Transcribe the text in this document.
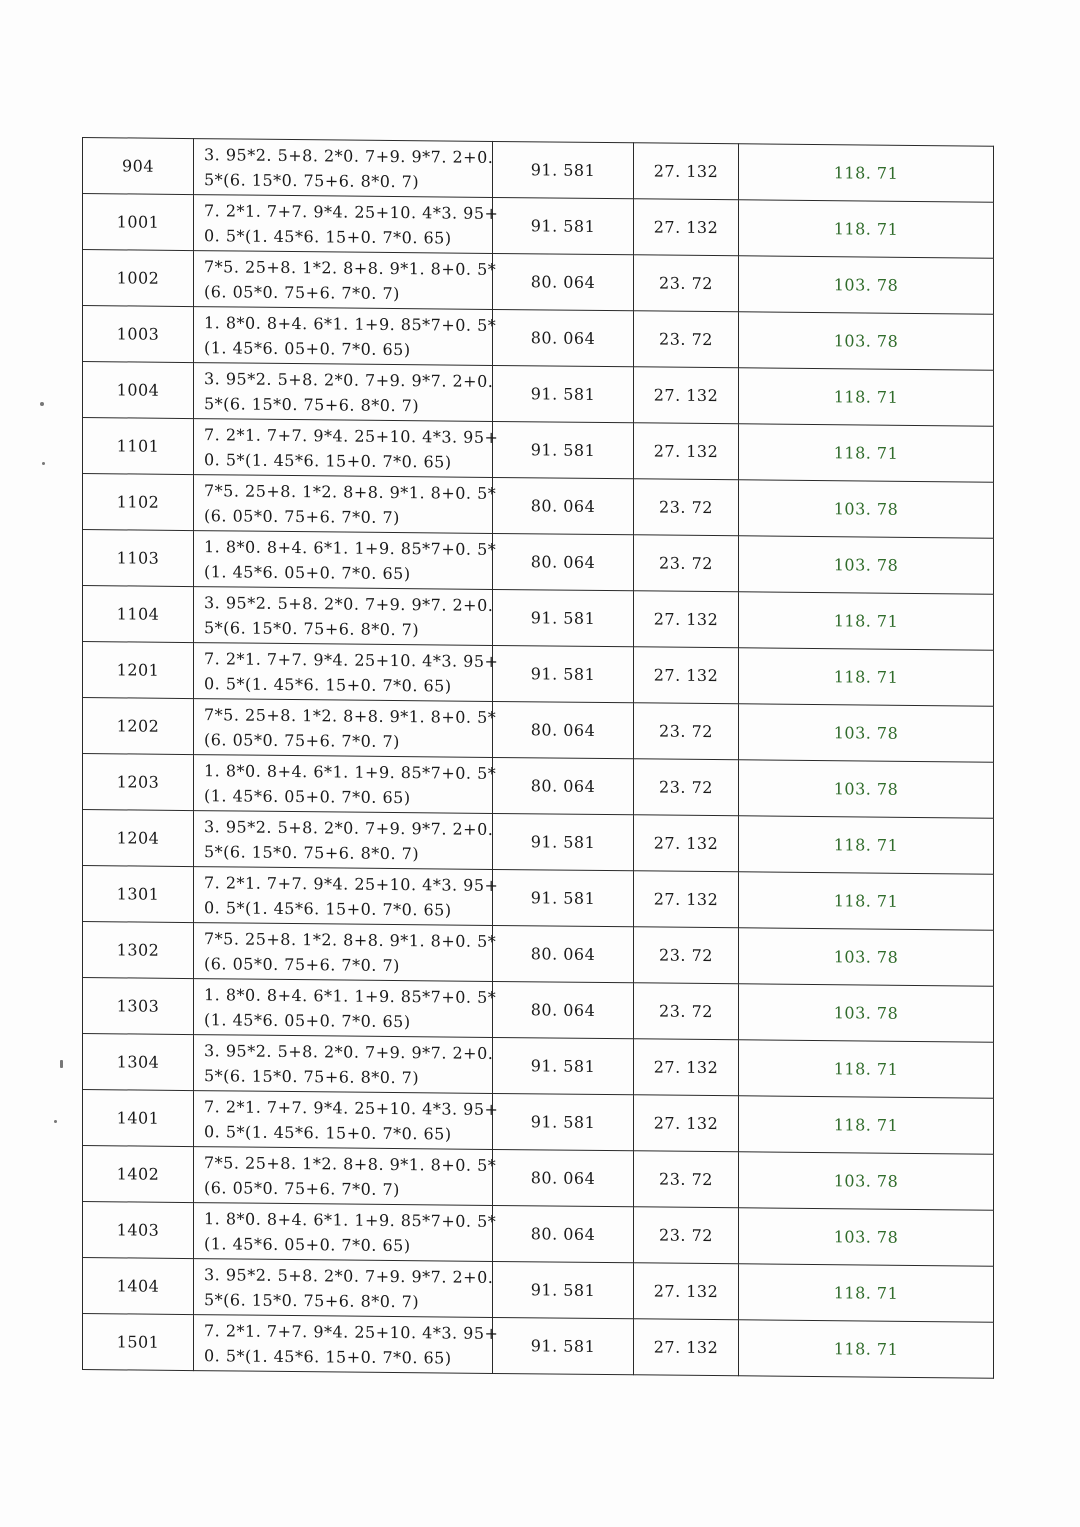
904	3. 95*2. 5+8. 2*0. 7+9. 9*7. 2+0.
5*(6. 15*0. 75+6. 8*0. 7)	91. 581	27. 132	118. 71
1001	7. 2*1. 7+7. 9*4. 25+10. 4*3. 95+
0. 5*(1. 45*6. 15+0. 7*0. 65)	91. 581	27. 132	118. 71
1002	7*5. 25+8. 1*2. 8+8. 9*1. 8+0. 5*
(6. 05*0. 75+6. 7*0. 7)	80. 064	23. 72	103. 78
1003	1. 8*0. 8+4. 6*1. 1+9. 85*7+0. 5*
(1. 45*6. 05+0. 7*0. 65)	80. 064	23. 72	103. 78
1004	3. 95*2. 5+8. 2*0. 7+9. 9*7. 2+0.
5*(6. 15*0. 75+6. 8*0. 7)	91. 581	27. 132	118. 71
1101	7. 2*1. 7+7. 9*4. 25+10. 4*3. 95+
0. 5*(1. 45*6. 15+0. 7*0. 65)	91. 581	27. 132	118. 71
1102	7*5. 25+8. 1*2. 8+8. 9*1. 8+0. 5*
(6. 05*0. 75+6. 7*0. 7)	80. 064	23. 72	103. 78
1103	1. 8*0. 8+4. 6*1. 1+9. 85*7+0. 5*
(1. 45*6. 05+0. 7*0. 65)	80. 064	23. 72	103. 78
1104	3. 95*2. 5+8. 2*0. 7+9. 9*7. 2+0.
5*(6. 15*0. 75+6. 8*0. 7)	91. 581	27. 132	118. 71
1201	7. 2*1. 7+7. 9*4. 25+10. 4*3. 95+
0. 5*(1. 45*6. 15+0. 7*0. 65)	91. 581	27. 132	118. 71
1202	7*5. 25+8. 1*2. 8+8. 9*1. 8+0. 5*
(6. 05*0. 75+6. 7*0. 7)	80. 064	23. 72	103. 78
1203	1. 8*0. 8+4. 6*1. 1+9. 85*7+0. 5*
(1. 45*6. 05+0. 7*0. 65)	80. 064	23. 72	103. 78
1204	3. 95*2. 5+8. 2*0. 7+9. 9*7. 2+0.
5*(6. 15*0. 75+6. 8*0. 7)	91. 581	27. 132	118. 71
1301	7. 2*1. 7+7. 9*4. 25+10. 4*3. 95+
0. 5*(1. 45*6. 15+0. 7*0. 65)	91. 581	27. 132	118. 71
1302	7*5. 25+8. 1*2. 8+8. 9*1. 8+0. 5*
(6. 05*0. 75+6. 7*0. 7)	80. 064	23. 72	103. 78
1303	1. 8*0. 8+4. 6*1. 1+9. 85*7+0. 5*
(1. 45*6. 05+0. 7*0. 65)	80. 064	23. 72	103. 78
1304	3. 95*2. 5+8. 2*0. 7+9. 9*7. 2+0.
5*(6. 15*0. 75+6. 8*0. 7)	91. 581	27. 132	118. 71
1401	7. 2*1. 7+7. 9*4. 25+10. 4*3. 95+
0. 5*(1. 45*6. 15+0. 7*0. 65)	91. 581	27. 132	118. 71
1402	7*5. 25+8. 1*2. 8+8. 9*1. 8+0. 5*
(6. 05*0. 75+6. 7*0. 7)	80. 064	23. 72	103. 78
1403	1. 8*0. 8+4. 6*1. 1+9. 85*7+0. 5*
(1. 45*6. 05+0. 7*0. 65)	80. 064	23. 72	103. 78
1404	3. 95*2. 5+8. 2*0. 7+9. 9*7. 2+0.
5*(6. 15*0. 75+6. 8*0. 7)	91. 581	27. 132	118. 71
1501	7. 2*1. 7+7. 9*4. 25+10. 4*3. 95+
0. 5*(1. 45*6. 15+0. 7*0. 65)	91. 581	27. 132	118. 71
